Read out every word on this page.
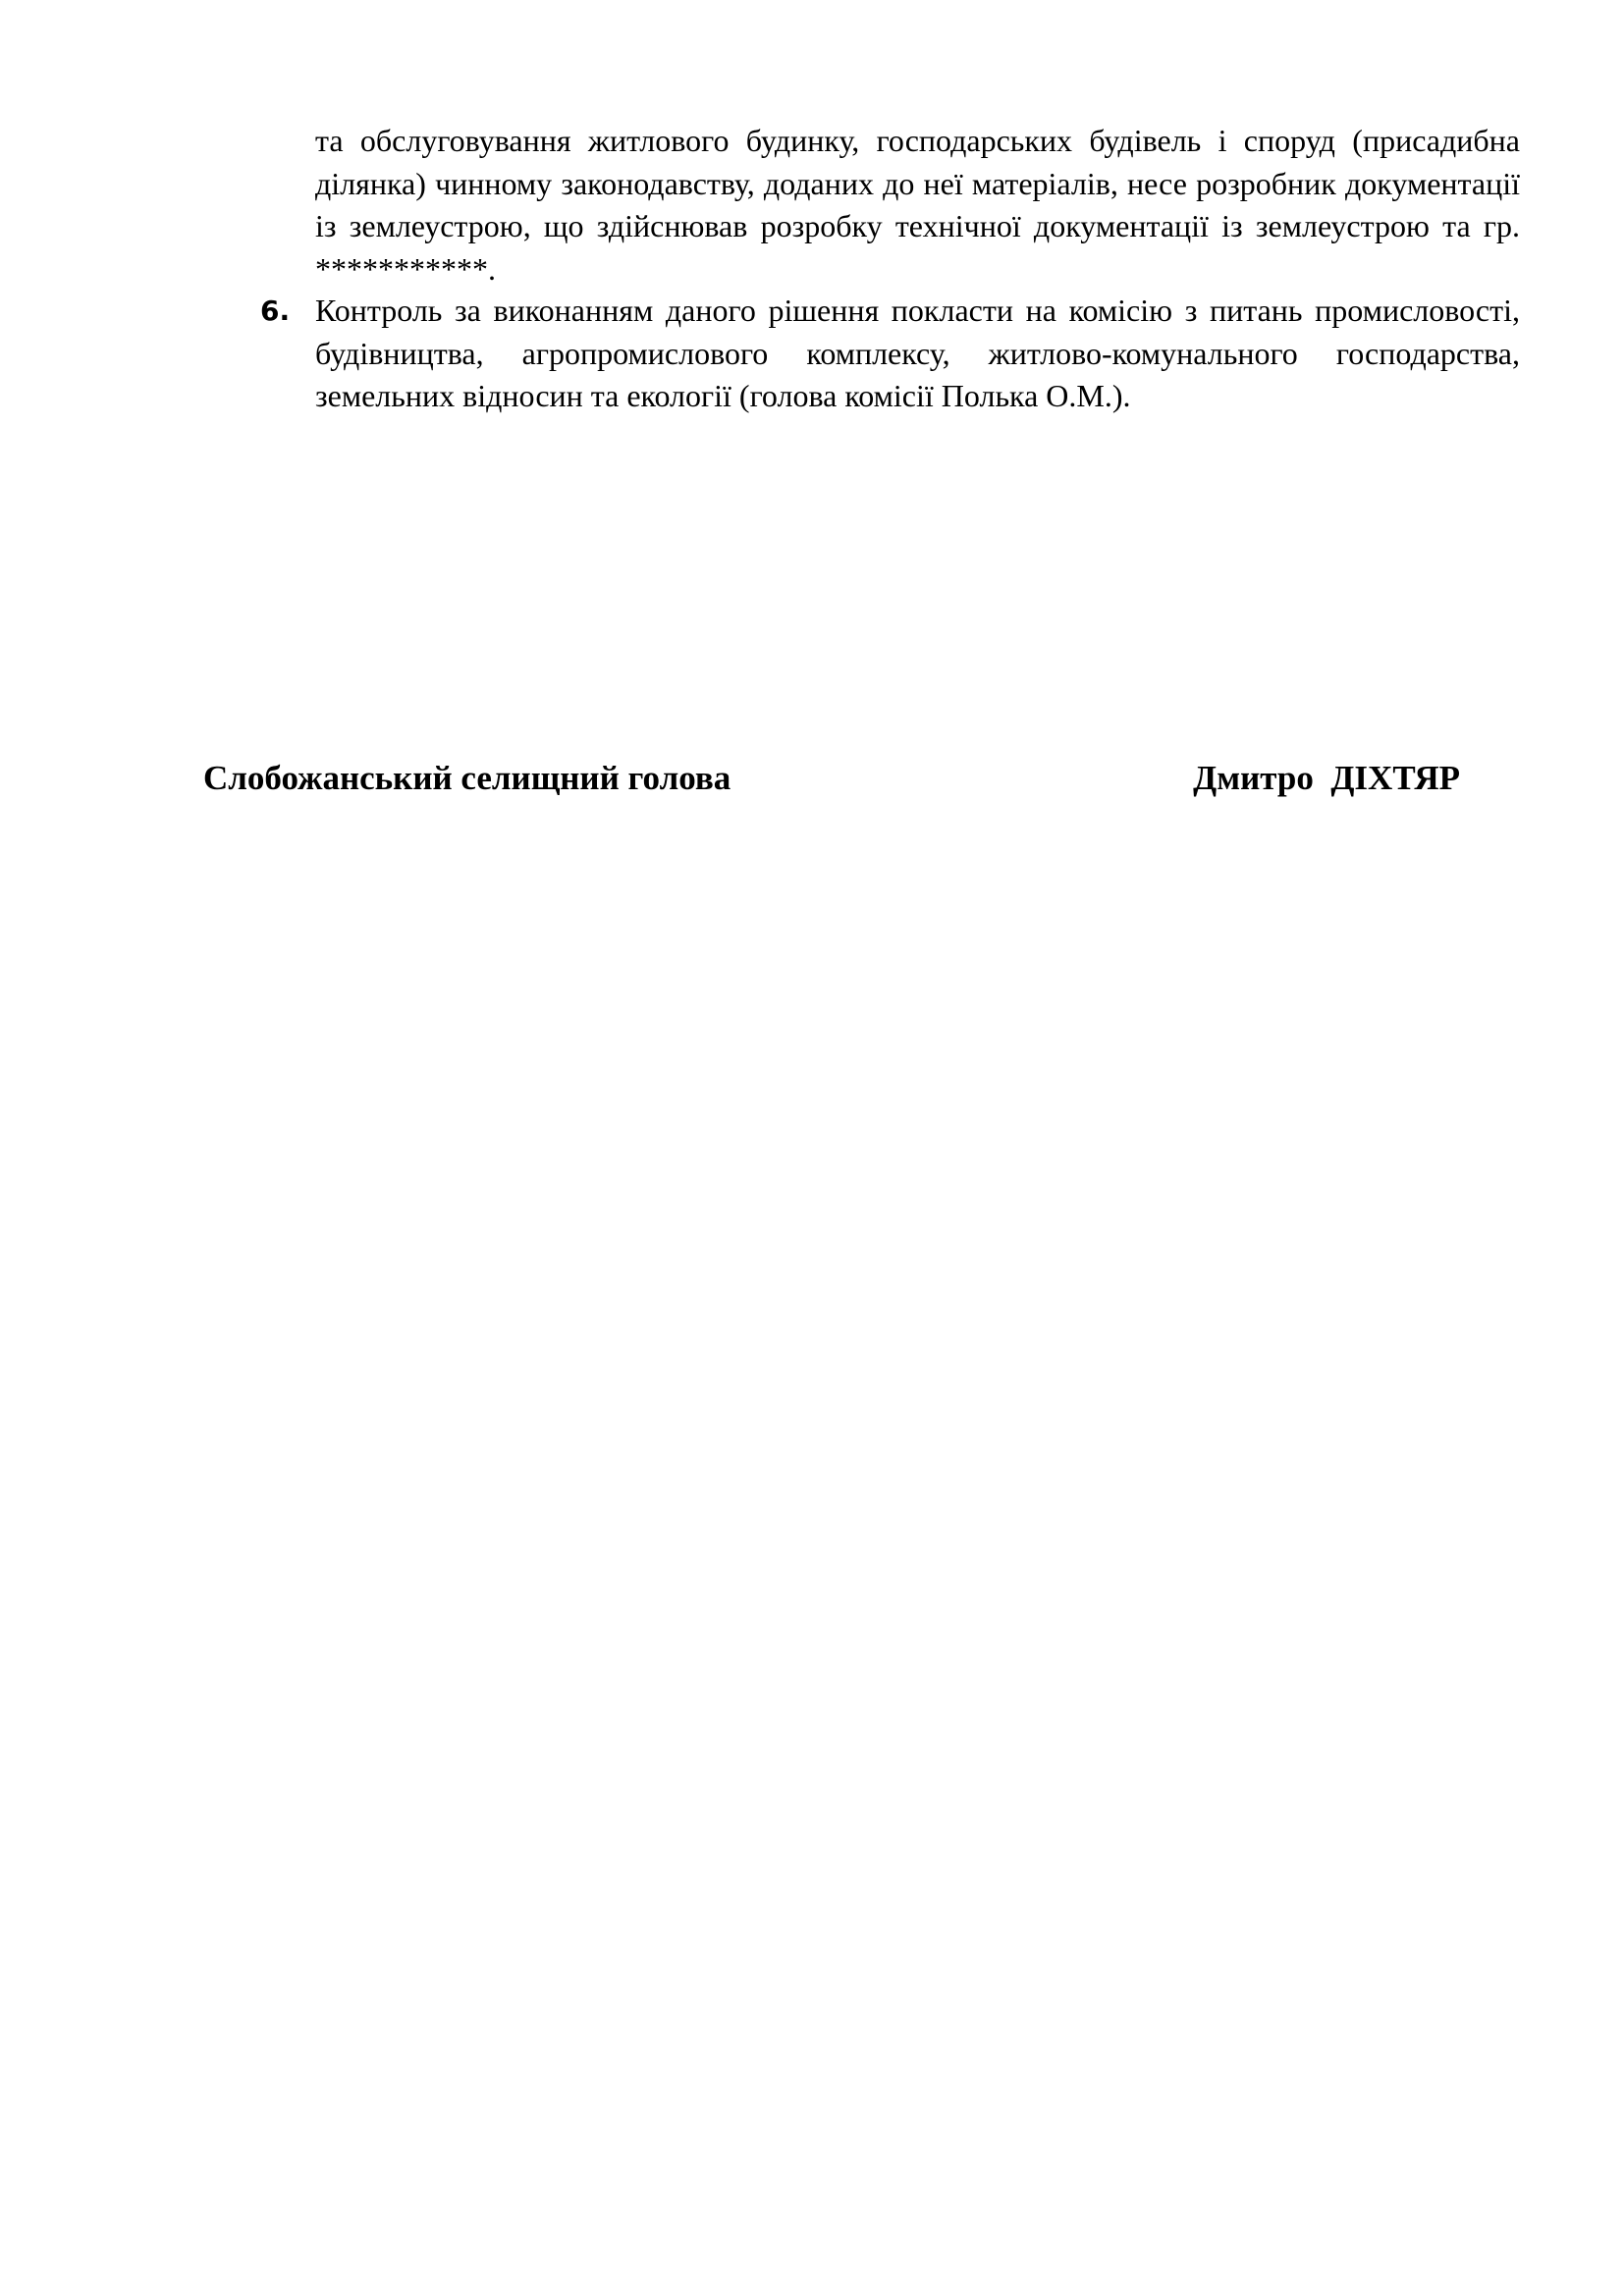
та обслуговування житлового будинку, господарських будівель і споруд (присадибна ділянка) чинному законодавству, доданих до неї матеріалів, несе розробник документації із землеустрою, що здійснював розробку технічної документації із землеустрою та гр. ***********.
6. Контроль за виконанням даного рішення покласти на комісію з питань промисловості, будівництва, агропромислового комплексу, житлово-комунального господарства, земельних відносин та екології (голова комісії Полька О.М.).
Слобожанський селищний голова	Дмитро  ДІХТЯР
